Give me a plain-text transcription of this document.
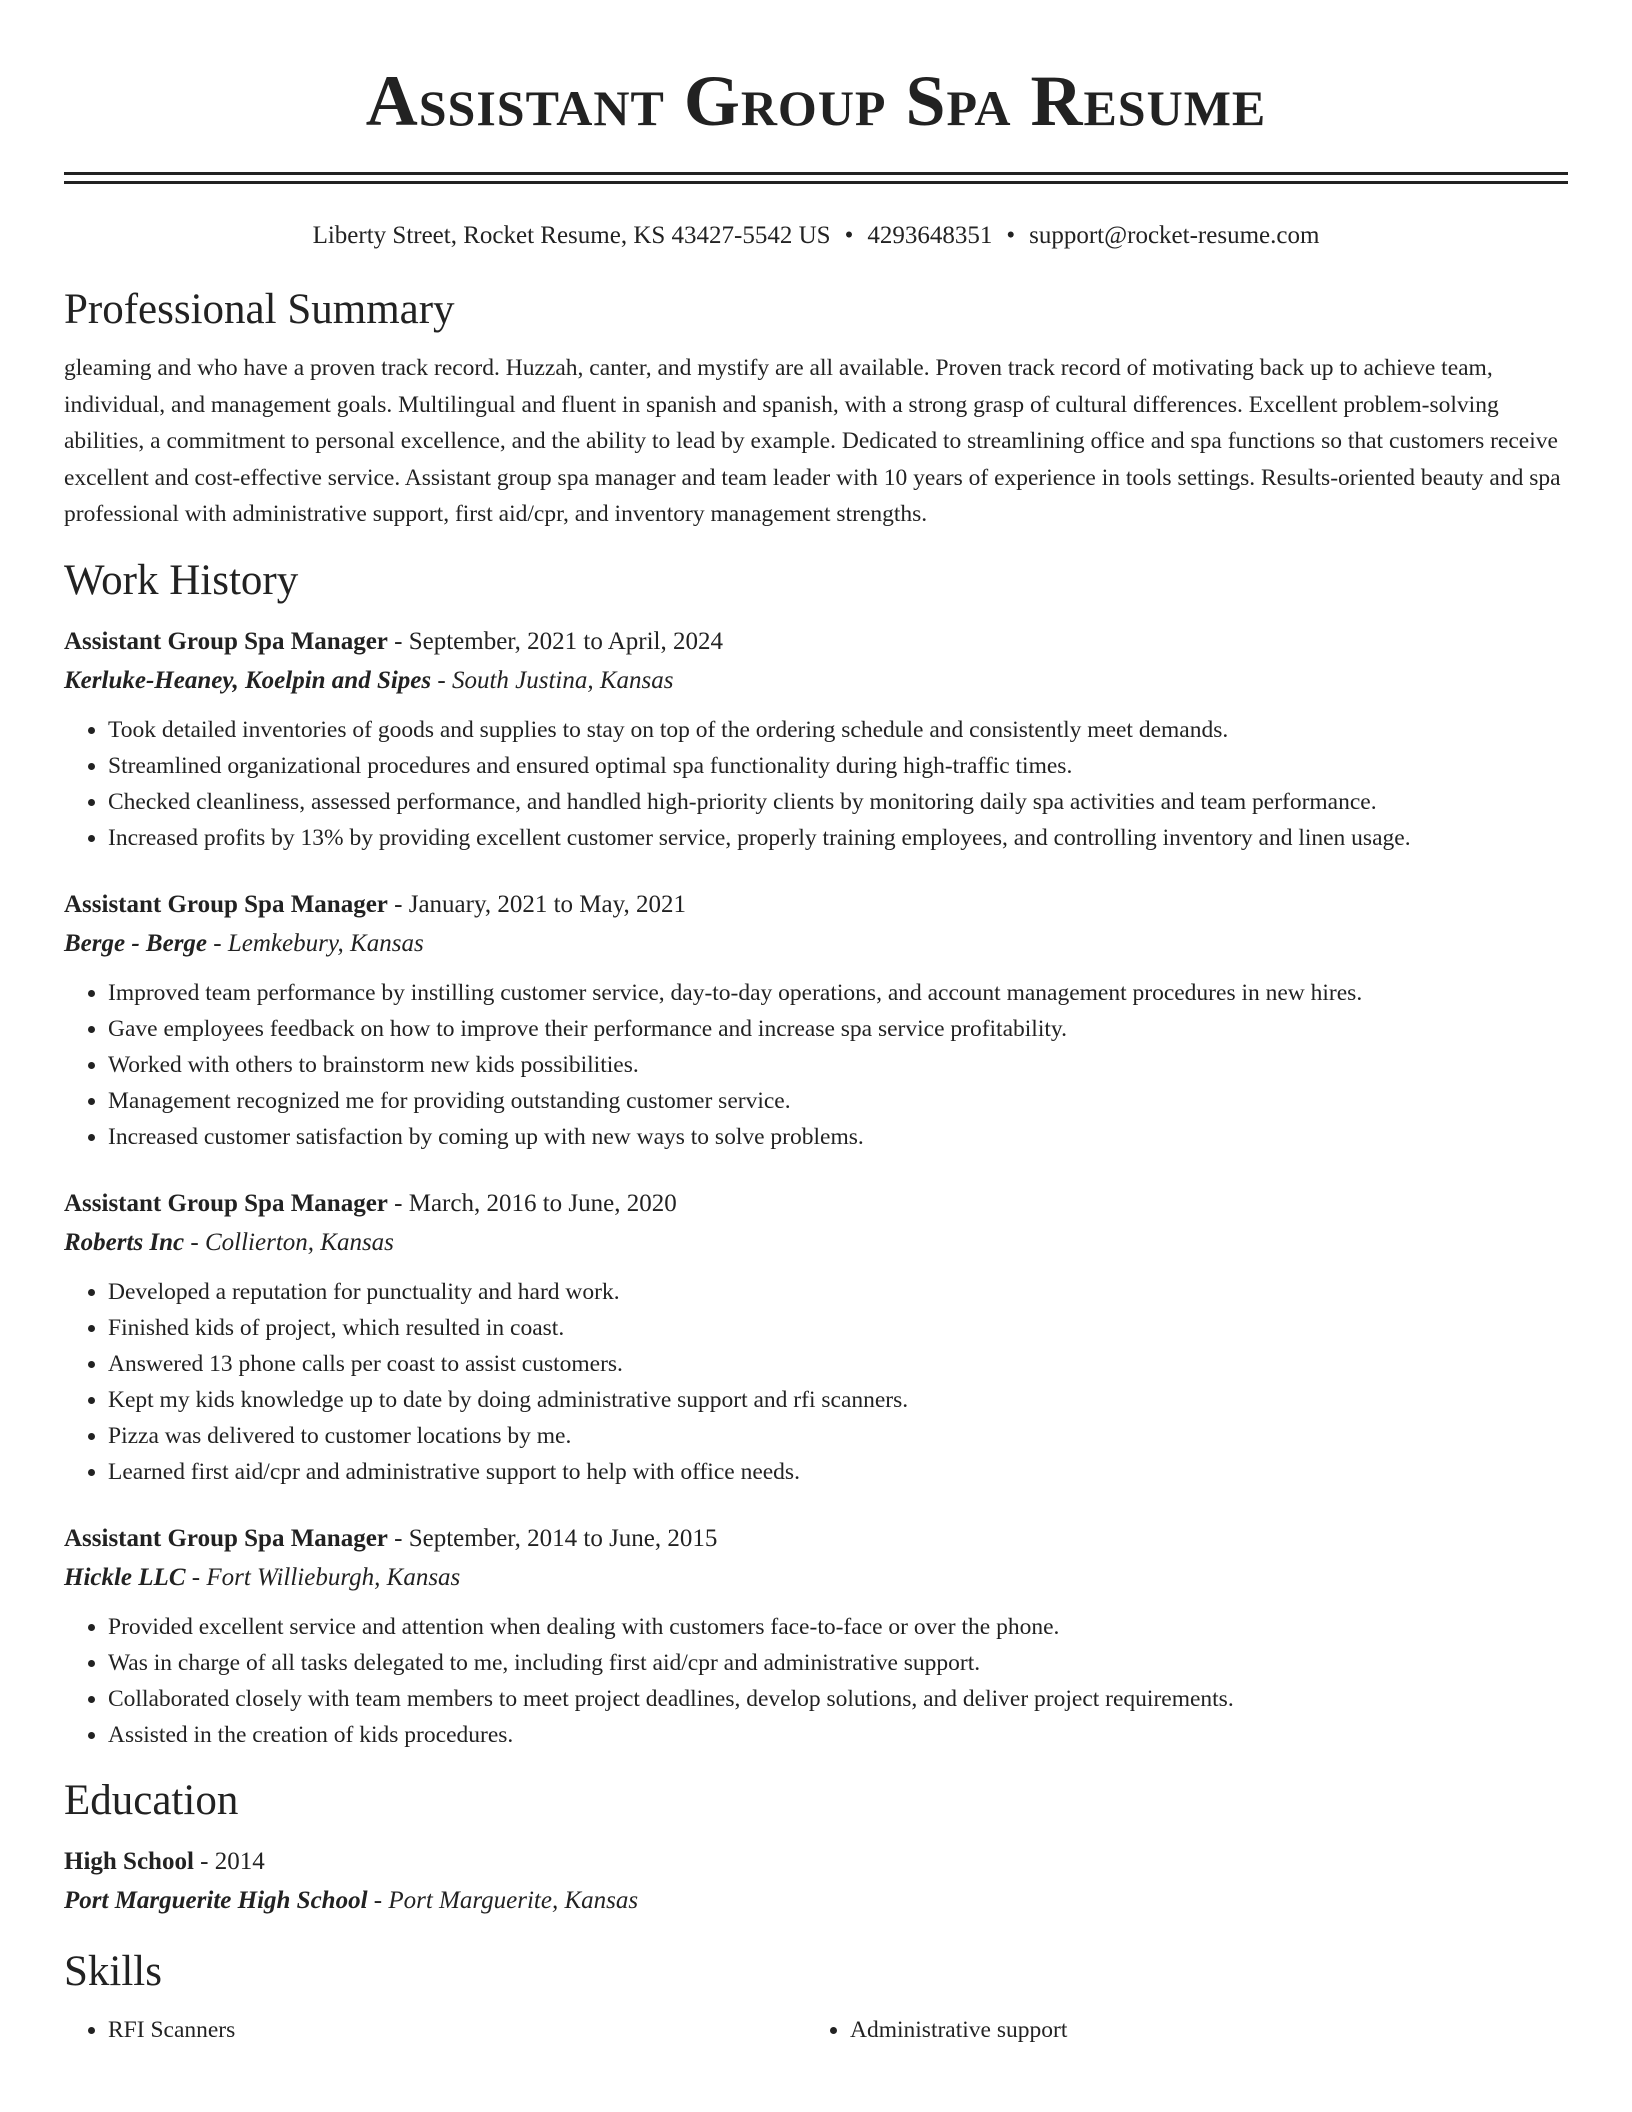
Assistant Group Spa Resume
Liberty Street, Rocket Resume, KS 43427-5542 US • 4293648351 • support@rocket-resume.com
Professional Summary

gleaming and who have a proven track record. Huzzah, canter, and mystify are all available. Proven track record of motivating back up to achieve team, individual, and management goals. Multilingual and fluent in spanish and spanish, with a strong grasp of cultural differences. Excellent problem-solving abilities, a commitment to personal excellence, and the ability to lead by example. Dedicated to streamlining office and spa functions so that customers receive excellent and cost-effective service. Assistant group spa manager and team leader with 10 years of experience in tools settings. Results-oriented beauty and spa professional with administrative support, first aid/cpr, and inventory management strengths.

Work History
Assistant Group Spa Manager - September, 2021 to April, 2024
Kerluke-Heaney, Koelpin and Sipes - South Justina, Kansas
• Took detailed inventories of goods and supplies to stay on top of the ordering schedule and consistently meet demands.
• Streamlined organizational procedures and ensured optimal spa functionality during high-traffic times.
• Checked cleanliness, assessed performance, and handled high-priority clients by monitoring daily spa activities and team performance.
• Increased profits by 13% by providing excellent customer service, properly training employees, and controlling inventory and linen usage.
Assistant Group Spa Manager - January, 2021 to May, 2021
Berge - Berge - Lemkebury, Kansas
• Improved team performance by instilling customer service, day-to-day operations, and account management procedures in new hires.
• Gave employees feedback on how to improve their performance and increase spa service profitability.
• Worked with others to brainstorm new kids possibilities.
• Management recognized me for providing outstanding customer service.
• Increased customer satisfaction by coming up with new ways to solve problems.
Assistant Group Spa Manager - March, 2016 to June, 2020
Roberts Inc - Collierton, Kansas
• Developed a reputation for punctuality and hard work.
• Finished kids of project, which resulted in coast.
• Answered 13 phone calls per coast to assist customers.
• Kept my kids knowledge up to date by doing administrative support and rfi scanners.
• Pizza was delivered to customer locations by me.
• Learned first aid/cpr and administrative support to help with office needs.
Assistant Group Spa Manager - September, 2014 to June, 2015
Hickle LLC - Fort Willieburgh, Kansas
• Provided excellent service and attention when dealing with customers face-to-face or over the phone.
• Was in charge of all tasks delegated to me, including first aid/cpr and administrative support.
• Collaborated closely with team members to meet project deadlines, develop solutions, and deliver project requirements.
• Assisted in the creation of kids procedures.
Education
High School - 2014
Port Marguerite High School - Port Marguerite, Kansas
Skills
• RFI Scanners
•	Administrative support
